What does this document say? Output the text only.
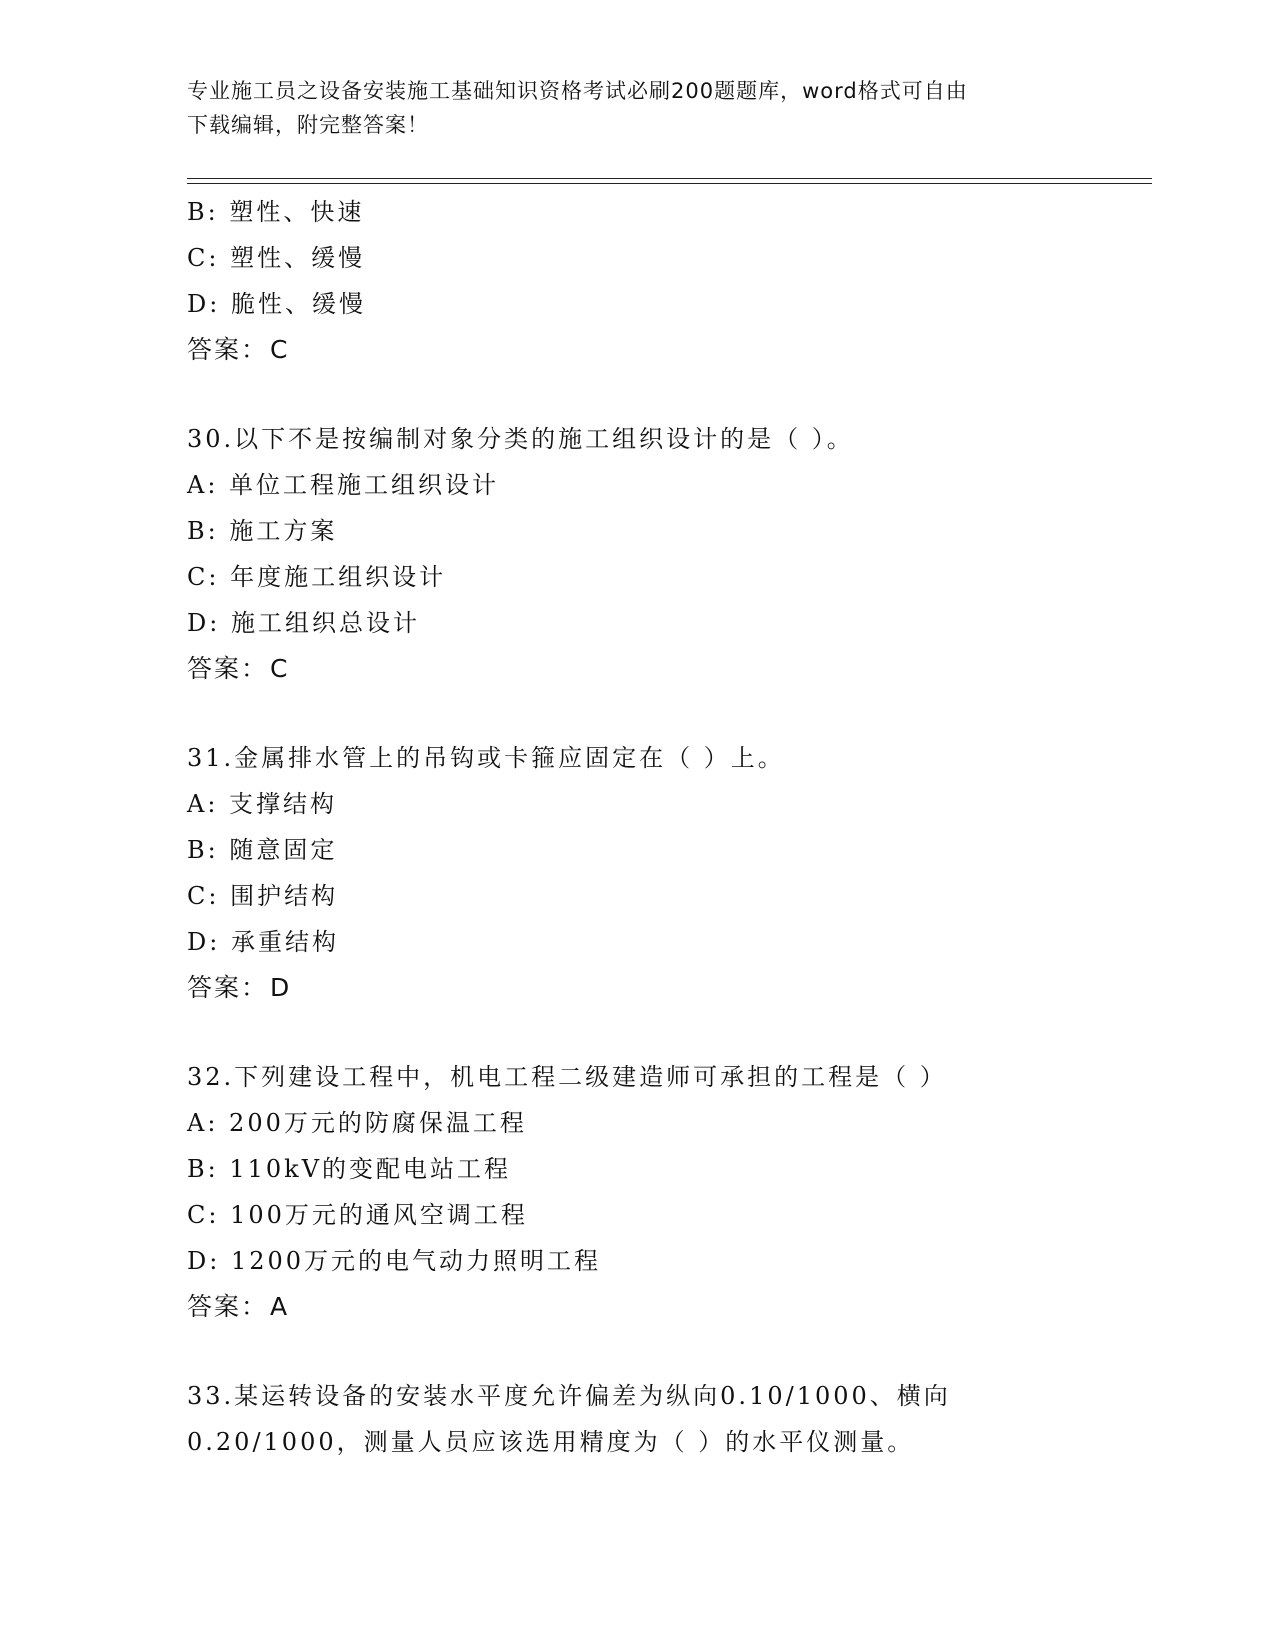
专业施工员之设备安装施工基础知识资格考试必刷200题题库，word格式可自由
下载编辑，附完整答案！
B: 塑性、快速
C: 塑性、缓慢
D: 脆性、缓慢
答案：C
30.以下不是按编制对象分类的施工组织设计的是（ ）。
A: 单位工程施工组织设计
B: 施工方案
C: 年度施工组织设计
D: 施工组织总设计
答案：C
31.金属排水管上的吊钩或卡箍应固定在（ ）上。
A: 支撑结构
B: 随意固定
C: 围护结构
D: 承重结构
答案：D
32.下列建设工程中，机电工程二级建造师可承担的工程是（ ）
A: 200万元的防腐保温工程
B: 110kV的变配电站工程
C: 100万元的通风空调工程
D: 1200万元的电气动力照明工程
答案：A
33.某运转设备的安装水平度允许偏差为纵向0.10/1000、横向
0.20/1000，测量人员应该选用精度为（ ）的水平仪测量。
